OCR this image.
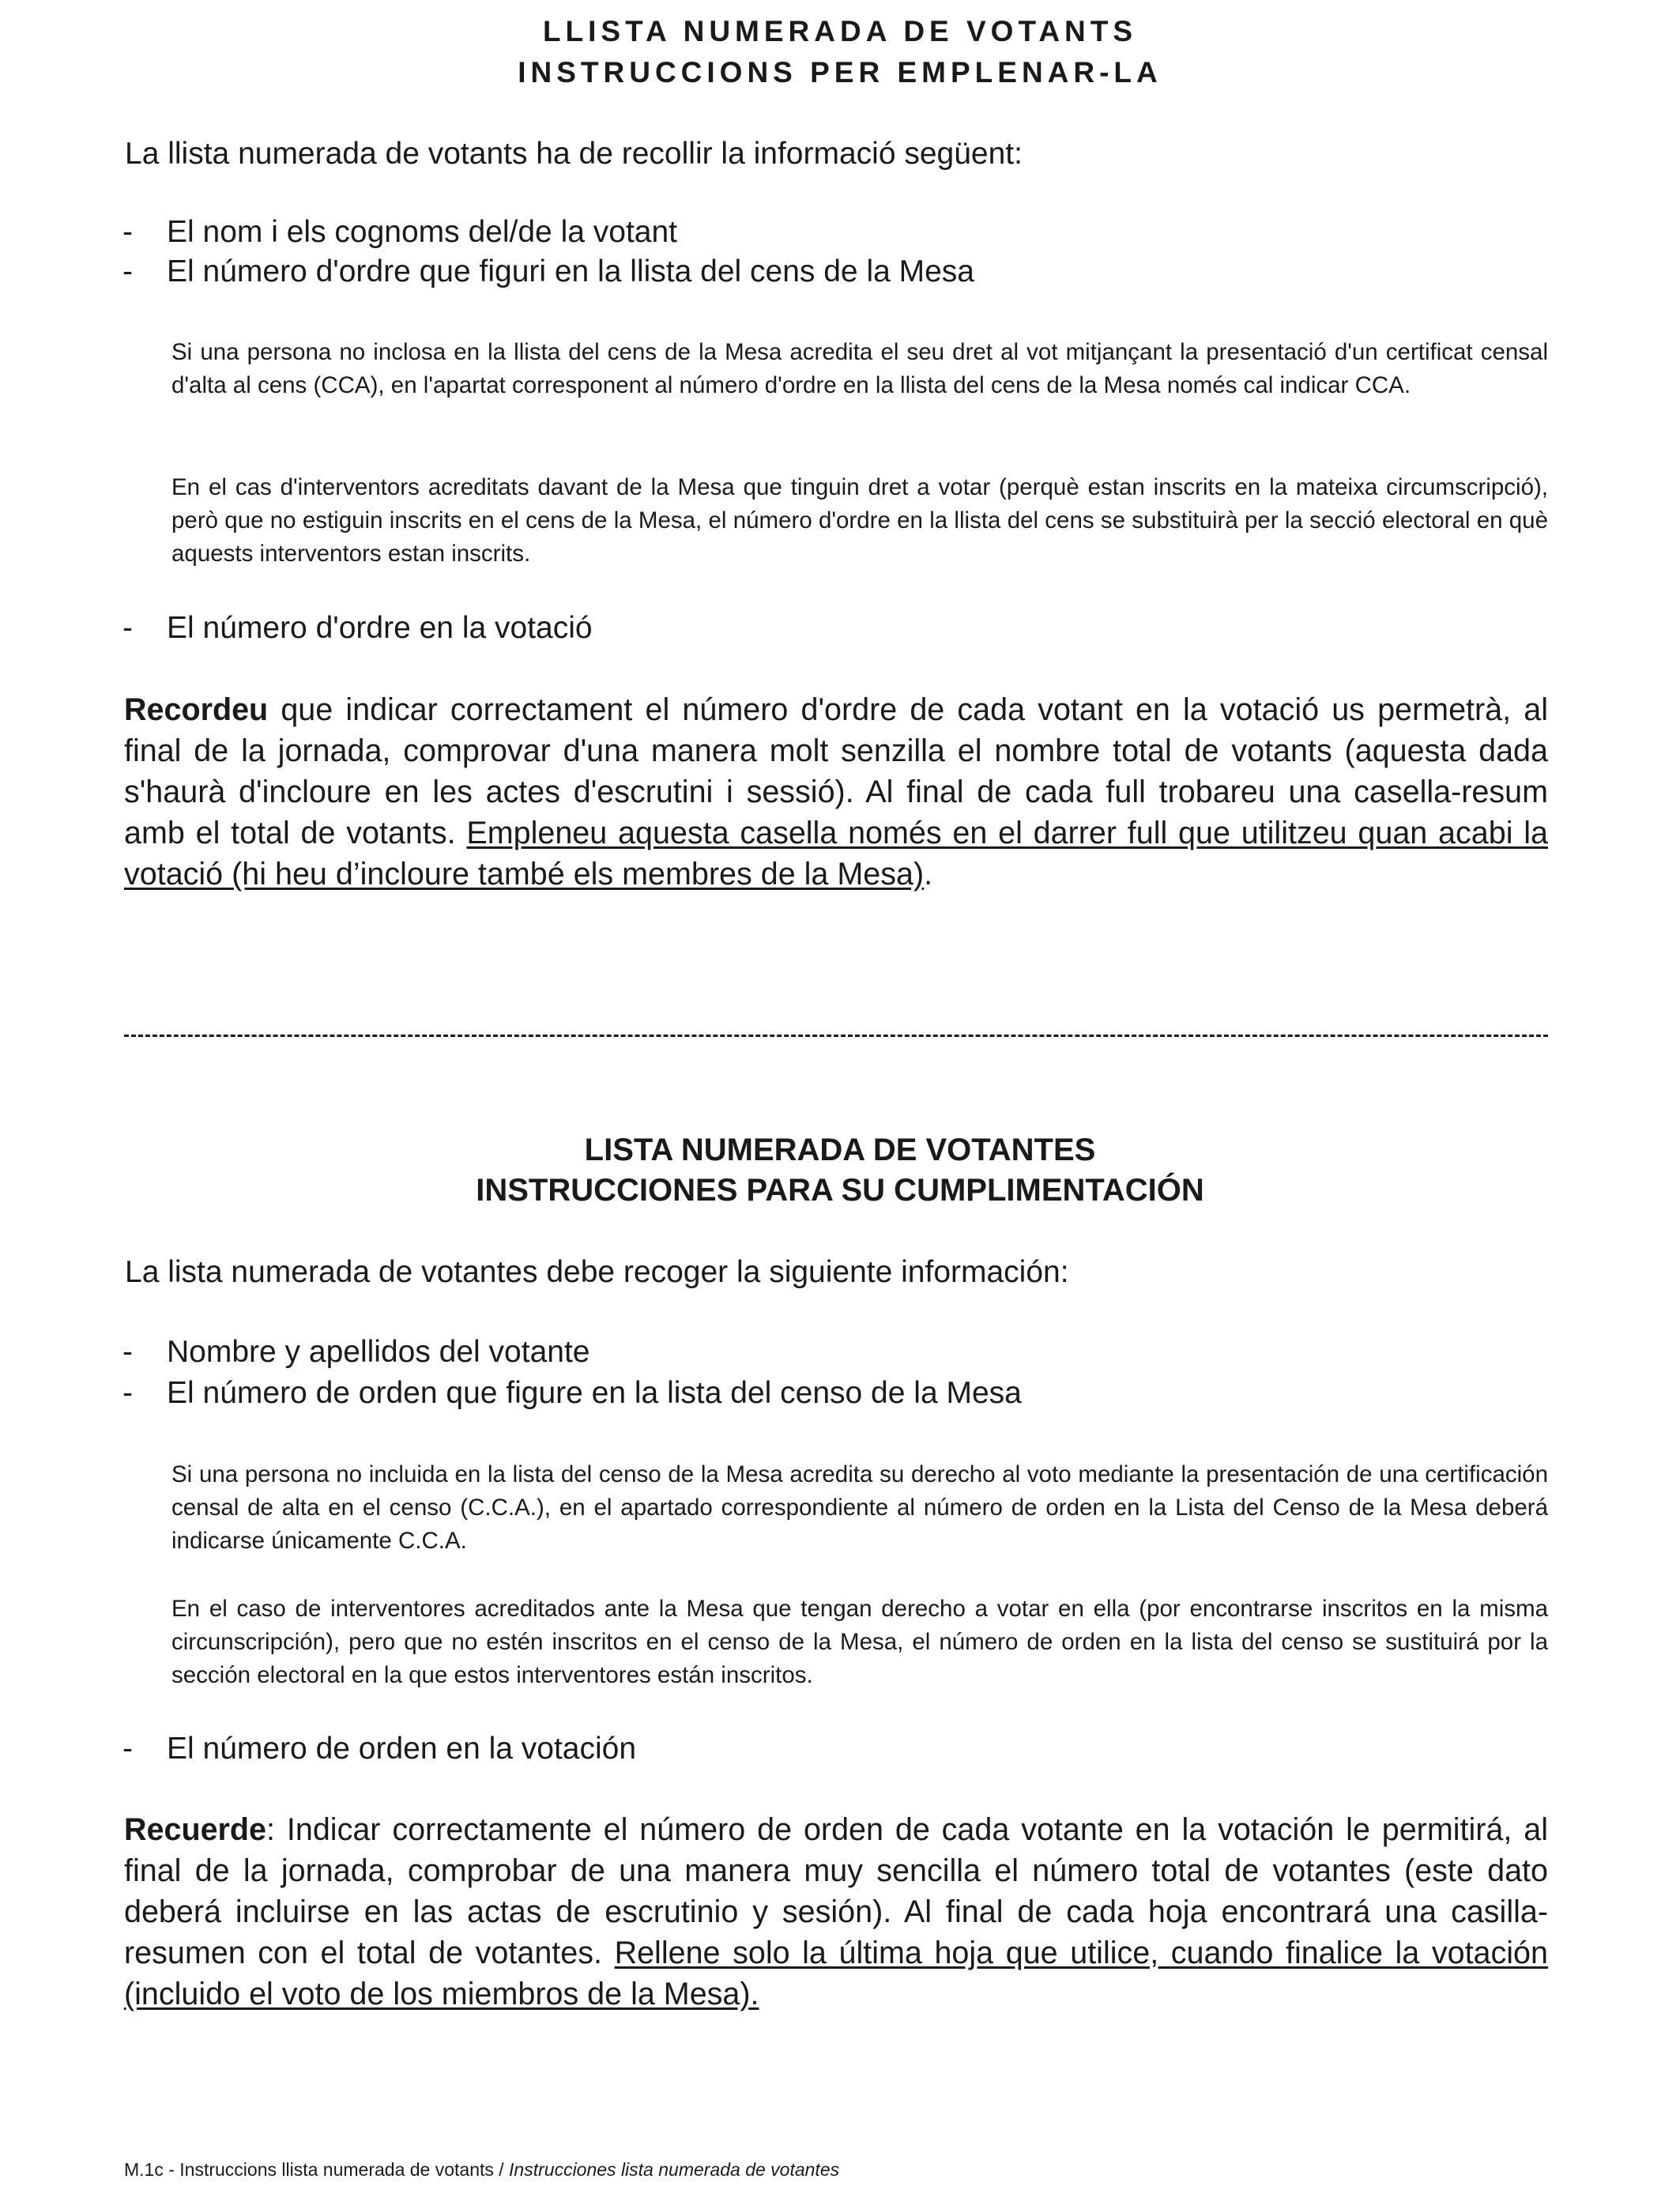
LLISTA NUMERADA DE VOTANTS
INSTRUCCIONS PER EMPLENAR-LA
La llista numerada de votants ha de recollir la informació següent:
- El nom i els cognoms del/de la votant
- El número d'ordre que figuri en la llista del cens de la Mesa
Si una persona no inclosa en la llista del cens de la Mesa acredita el seu dret al vot mitjançant la presentació d'un certificat censal d'alta al cens (CCA), en l'apartat corresponent al número d'ordre en la llista del cens de la Mesa només cal indicar CCA.
En el cas d'interventors acreditats davant de la Mesa que tinguin dret a votar (perquè estan inscrits en la mateixa circumscripció), però que no estiguin inscrits en el cens de la Mesa, el número d'ordre en la llista del cens se substituirà per la secció electoral en què aquests interventors estan inscrits.
- El número d'ordre en la votació
Recordeu que indicar correctament el número d'ordre de cada votant en la votació us permetrà, al final de la jornada, comprovar d'una manera molt senzilla el nombre total de votants (aquesta dada s'haurà d'incloure en les actes d'escrutini i sessió). Al final de cada full trobareu una casella-resum amb el total de votants. Empleneu aquesta casella només en el darrer full que utilitzeu quan acabi la votació (hi heu d’incloure també els membres de la Mesa).
LISTA NUMERADA DE VOTANTES
INSTRUCCIONES PARA SU CUMPLIMENTACIÓN
La lista numerada de votantes debe recoger la siguiente información:
- Nombre y apellidos del votante
- El número de orden que figure en la lista del censo de la Mesa
Si una persona no incluida en la lista del censo de la Mesa acredita su derecho al voto mediante la presentación de una certificación censal de alta en el censo (C.C.A.), en el apartado correspondiente al número de orden en la Lista del Censo de la Mesa deberá indicarse únicamente C.C.A.
En el caso de interventores acreditados ante la Mesa que tengan derecho a votar en ella (por encontrarse inscritos en la misma circunscripción), pero que no estén inscritos en el censo de la Mesa, el número de orden en la lista del censo se sustituirá por la sección electoral en la que estos interventores están inscritos.
- El número de orden en la votación
Recuerde: Indicar correctamente el número de orden de cada votante en la votación le permitirá, al final de la jornada, comprobar de una manera muy sencilla el número total de votantes (este dato deberá incluirse en las actas de escrutinio y sesión). Al final de cada hoja encontrará una casilla-resumen con el total de votantes. Rellene solo la última hoja que utilice, cuando finalice la votación (incluido el voto de los miembros de la Mesa).
M.1c - Instruccions llista numerada de votants / Instrucciones lista numerada de votantes
